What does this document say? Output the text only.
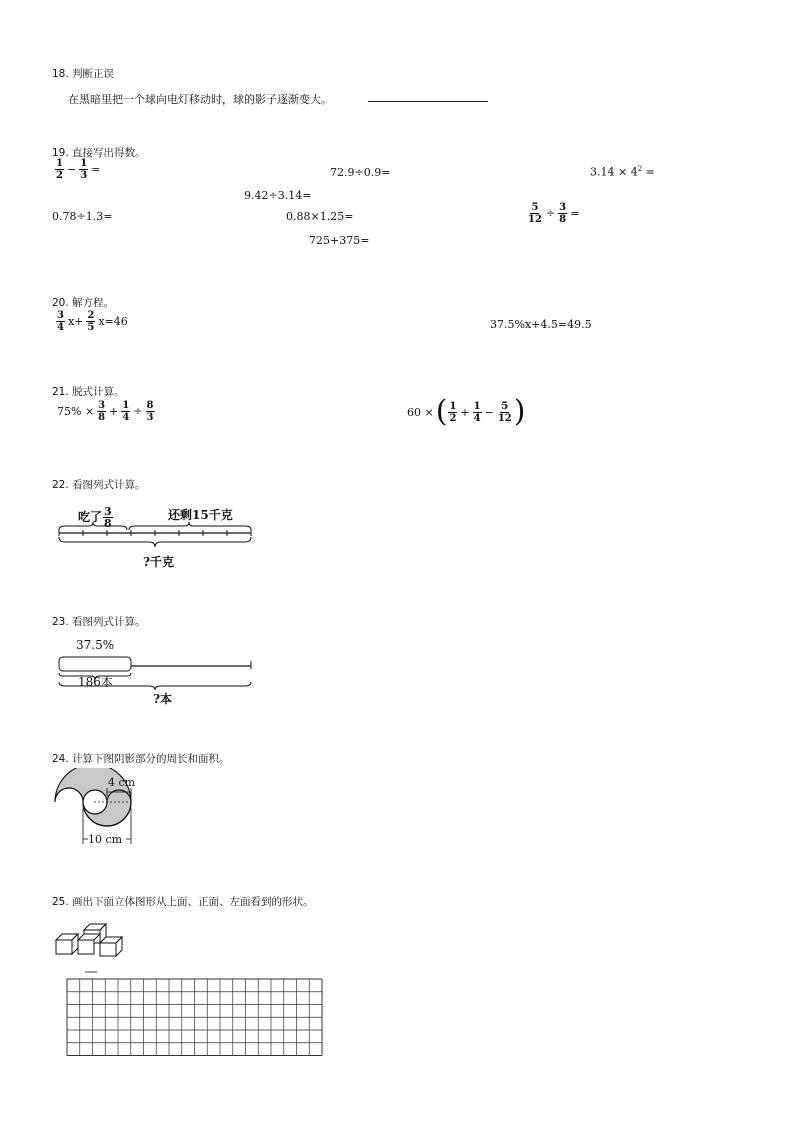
18. 判断正误
在黑暗里把一个球向电灯移动时，球的影子逐渐变大。
19. 直接写出得数。
$\frac{1}{2} - \frac{1}{3}$ =	72.9÷0.9=	$3.14 \times 4^2$ =
9.42÷3.14=
0.78÷1.3=	0.88×1.25=	$\frac{5}{12} \div \frac{3}{8}$ =
725+375=
20. 解方程。
$\frac{3}{4} x+ \frac{2}{5} x=46$	37.5%x+4.5=49.5
21. 脱式计算。
$75\% \times \frac{3}{8} + \frac{1}{4} \div \frac{8}{3}$	60 ×( $\frac{1}{2} + \frac{1}{4} - \frac{5}{12}$ )
22. 看图列式计算。
吃了 $\frac{3}{8}$	还剩15千克
?千克
23. 看图列式计算。
37.5%
186本
?本
24. 计算下图阴影部分的周长和面积。
4 cm
10 cm
25. 画出下面立体图形从上面、正面、左面看到的形状。
